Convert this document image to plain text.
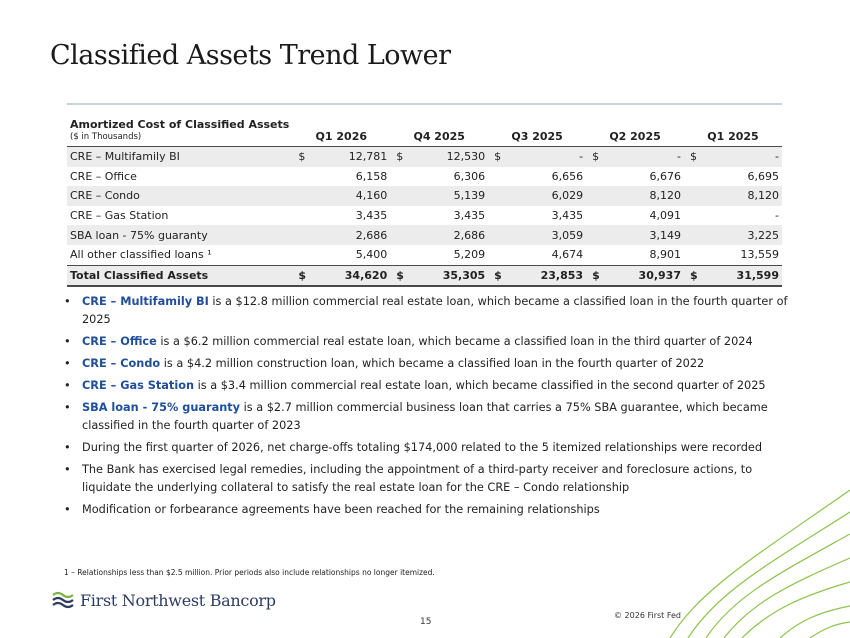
Classified Assets Trend Lower
Amortized Cost of Classified Assets
($ in Thousands)	Q1 2026		Q4 2025		Q3 2025		Q2 2025		Q1 2025	
CRE – Multifamily BI	$	12,781	$	12,530	$	-	$	-	$	-
CRE – Office		6,158		6,306		6,656		6,676		6,695
CRE – Condo		4,160		5,139		6,029		8,120		8,120
CRE – Gas Station		3,435		3,435		3,435		4,091		-
SBA loan - 75% guaranty		2,686		2,686		3,059		3,149		3,225
All other classified loans ¹		5,400		5,209		4,674		8,901		13,559
Total Classified Assets	$	34,620	$	35,305	$	23,853	$	30,937	$	31,599
• CRE – Multifamily BI is a $12.8 million commercial real estate loan, which became a classified loan in the fourth quarter of 2025
• CRE – Office is a $6.2 million commercial real estate loan, which became a classified loan in the third quarter of 2024
• CRE – Condo is a $4.2 million construction loan, which became a classified loan in the fourth quarter of 2022
• CRE – Gas Station is a $3.4 million commercial real estate loan, which became classified in the second quarter of 2025
• SBA loan - 75% guaranty is a $2.7 million commercial business loan that carries a 75% SBA guarantee, which became classified in the fourth quarter of 2023
• During the first quarter of 2026, net charge-offs totaling $174,000 related to the 5 itemized relationships were recorded
• The Bank has exercised legal remedies, including the appointment of a third-party receiver and foreclosure actions, to liquidate the underlying collateral to satisfy the real estate loan for the CRE – Condo relationship
• Modification or forbearance agreements have been reached for the remaining relationships
1 – Relationships less than $2.5 million. Prior periods also include relationships no longer itemized.
First Northwest Bancorp
15
© 2026 First Fed
